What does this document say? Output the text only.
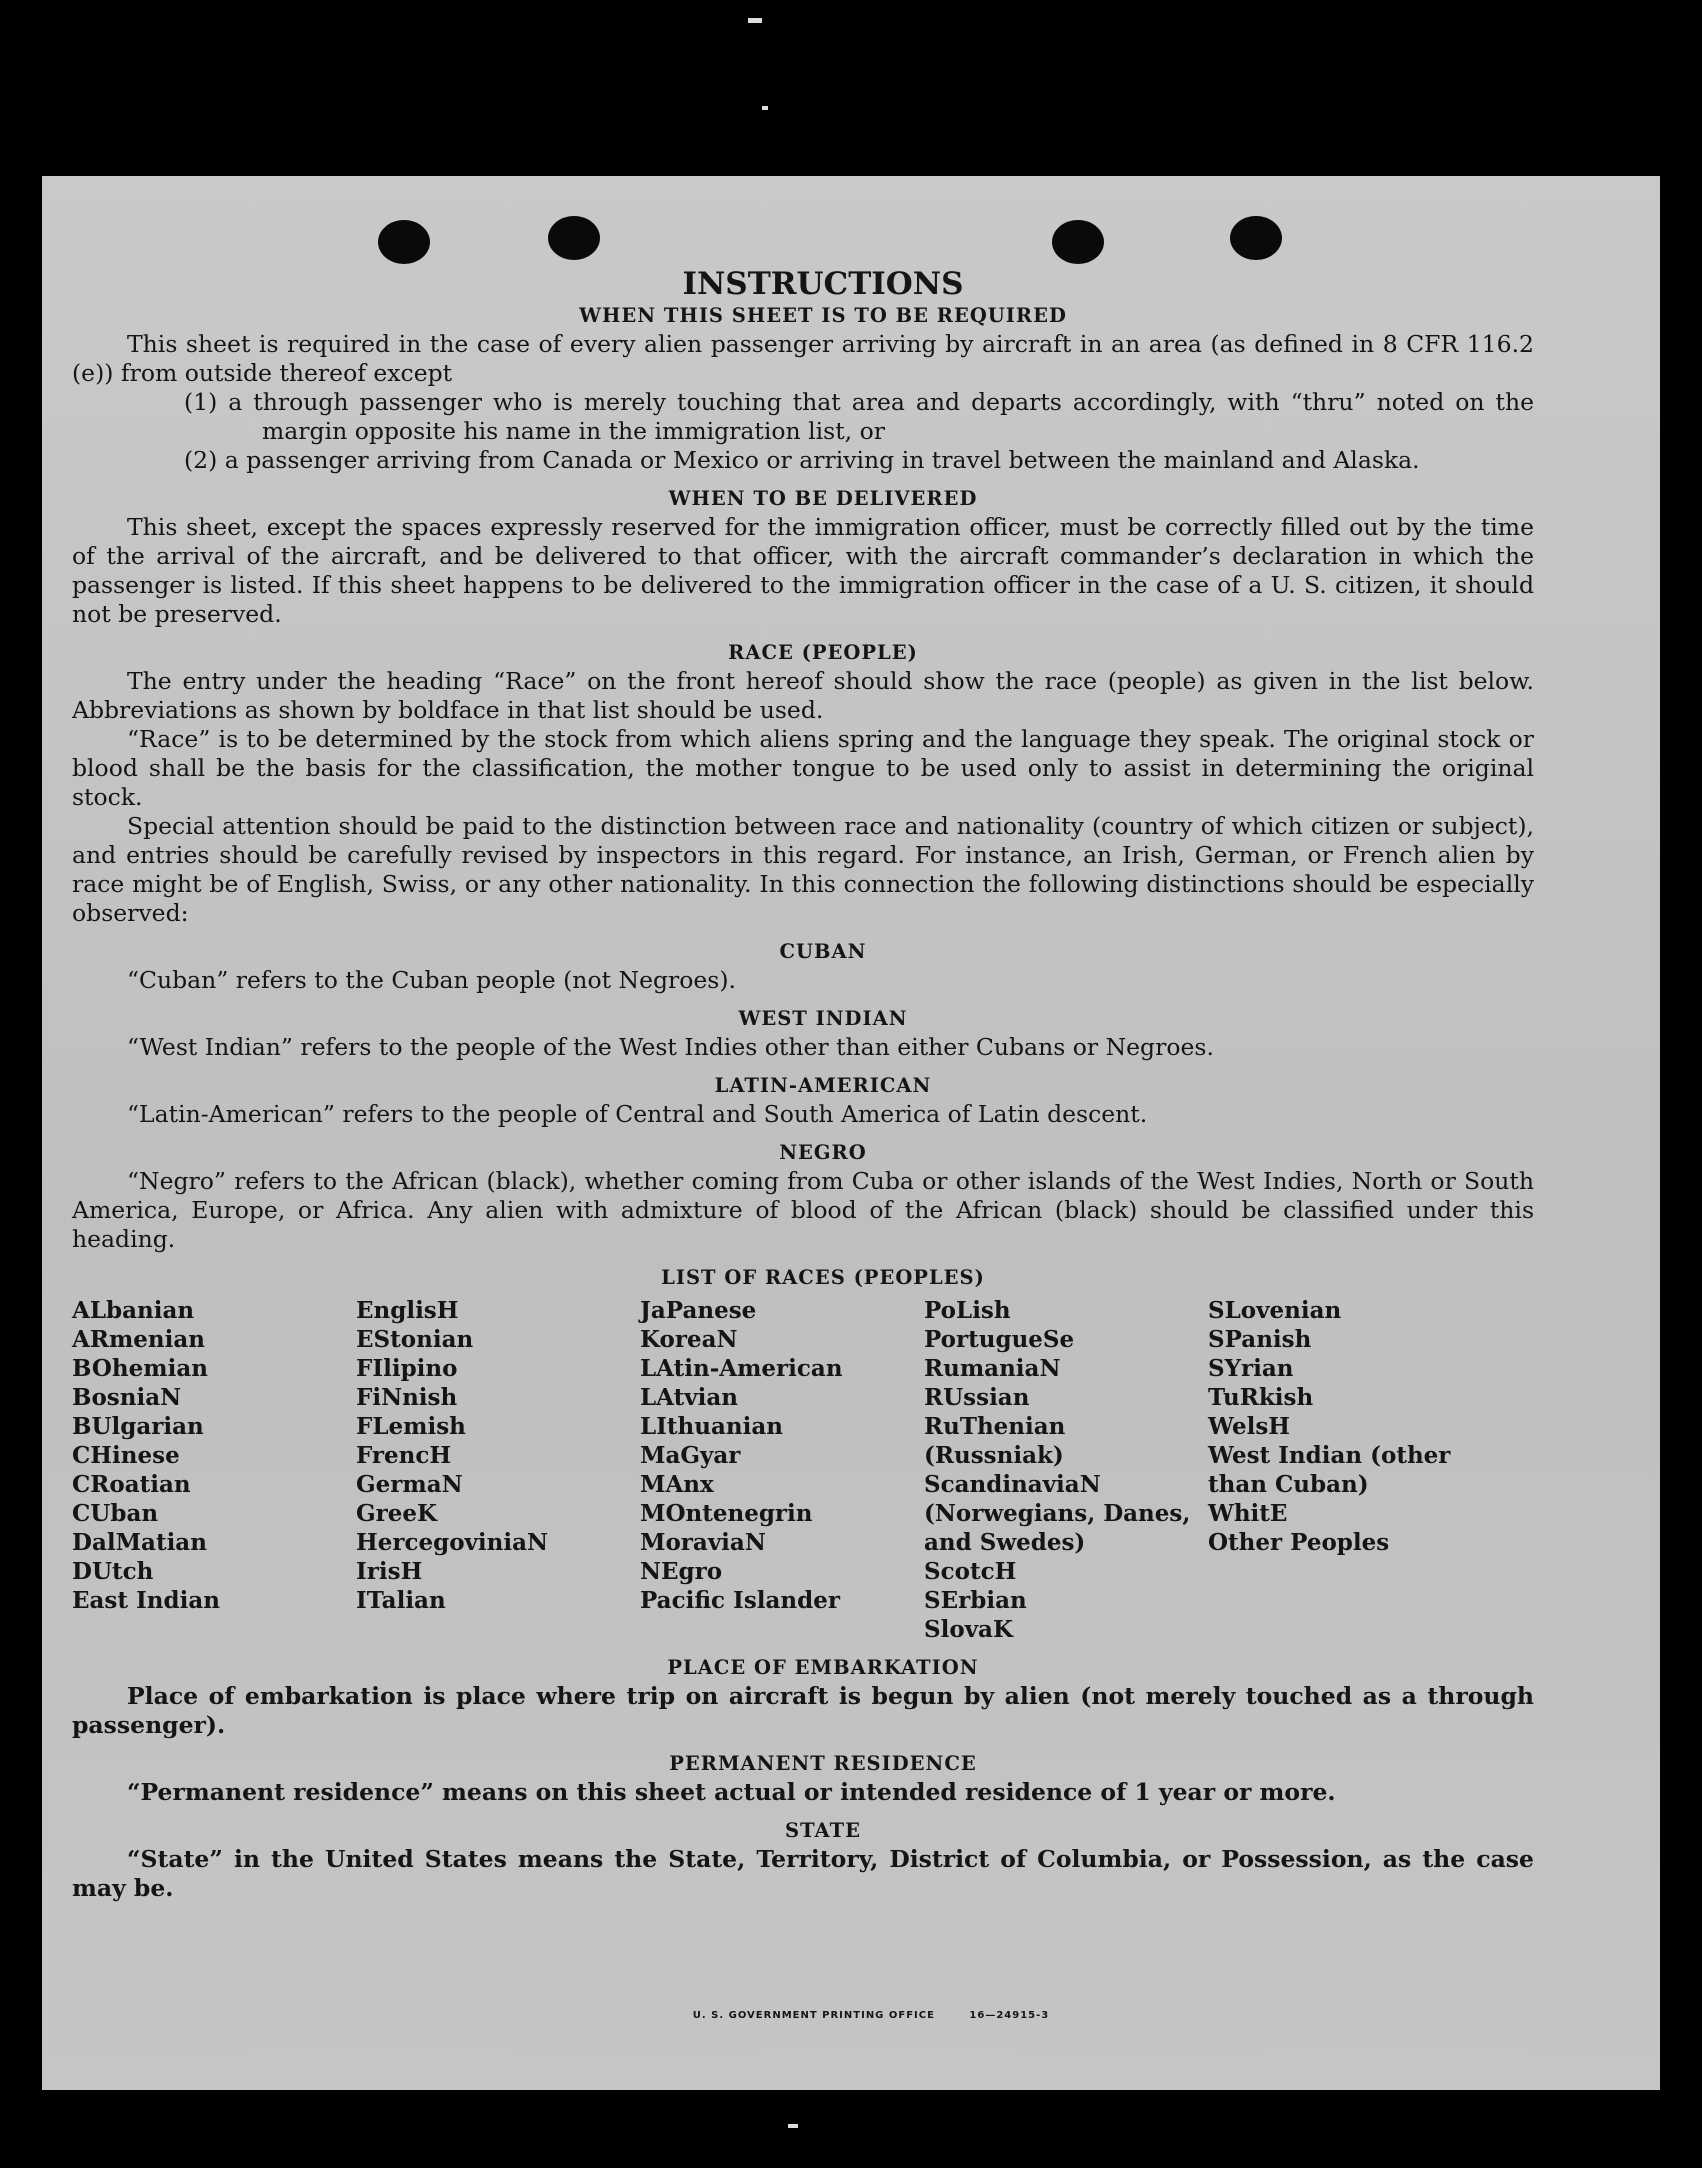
INSTRUCTIONS
WHEN THIS SHEET IS TO BE REQUIRED

This sheet is required in the case of every alien passenger arriving by aircraft in an area (as defined in 8 CFR 116.2 (e)) from outside thereof except

(1) a through passenger who is merely touching that area and departs accordingly, with “thru” noted on the margin opposite his name in the immigration list, or

(2) a passenger arriving from Canada or Mexico or arriving in travel between the mainland and Alaska.

WHEN TO BE DELIVERED

This sheet, except the spaces expressly reserved for the immigration officer, must be correctly filled out by the time of the arrival of the aircraft, and be delivered to that officer, with the aircraft commander’s declaration in which the passenger is listed. If this sheet happens to be delivered to the immigration officer in the case of a U. S. citizen, it should not be preserved.

RACE (PEOPLE)

The entry under the heading “Race” on the front hereof should show the race (people) as given in the list below. Abbreviations as shown by boldface in that list should be used.

“Race” is to be determined by the stock from which aliens spring and the language they speak. The original stock or blood shall be the basis for the classification, the mother tongue to be used only to assist in determining the original stock.

Special attention should be paid to the distinction between race and nationality (country of which citizen or subject), and entries should be carefully revised by inspectors in this regard. For instance, an Irish, German, or French alien by race might be of English, Swiss, or any other nationality. In this connection the following distinctions should be especially observed:

CUBAN

“Cuban” refers to the Cuban people (not Negroes).

WEST INDIAN

“West Indian” refers to the people of the West Indies other than either Cubans or Negroes.

LATIN-AMERICAN

“Latin-American” refers to the people of Central and South America of Latin descent.

NEGRO

“Negro” refers to the African (black), whether coming from Cuba or other islands of the West Indies, North or South America, Europe, or Africa. Any alien with admixture of blood of the African (black) should be classified under this heading.

LIST OF RACES (PEOPLES)
ALbanian
ARmenian
BOhemian
BosniaN
BUlgarian
CHinese
CRoatian
CUban
DalMatian
DUtch
East Indian
EnglisH
EStonian
FIlipino
FiNnish
FLemish
FrencH
GermaN
GreeK
HercegoviniaN
IrisH
ITalian
JaPanese
KoreaN
LAtin-American
LAtvian
LIthuanian
MaGyar
MAnx
MOntenegrin
MoraviaN
NEgro
Pacific Islander
PoLish
PortugueSe
RumaniaN
RUssian
RuThenian (Russniak)
ScandinaviaN (Norwegians, Danes, and Swedes)
ScotcH
SErbian
SlovaK
SLovenian
SPanish
SYrian
TuRkish
WelsH
West Indian (other than Cuban)
WhitE
Other Peoples
PLACE OF EMBARKATION

Place of embarkation is place where trip on aircraft is begun by alien (not merely touched as a through passenger).

PERMANENT RESIDENCE

“Permanent residence” means on this sheet actual or intended residence of 1 year or more.

STATE

“State” in the United States means the State, Territory, District of Columbia, or Possession, as the case may be.

U. S. GOVERNMENT PRINTING OFFICE	16—24915-3
